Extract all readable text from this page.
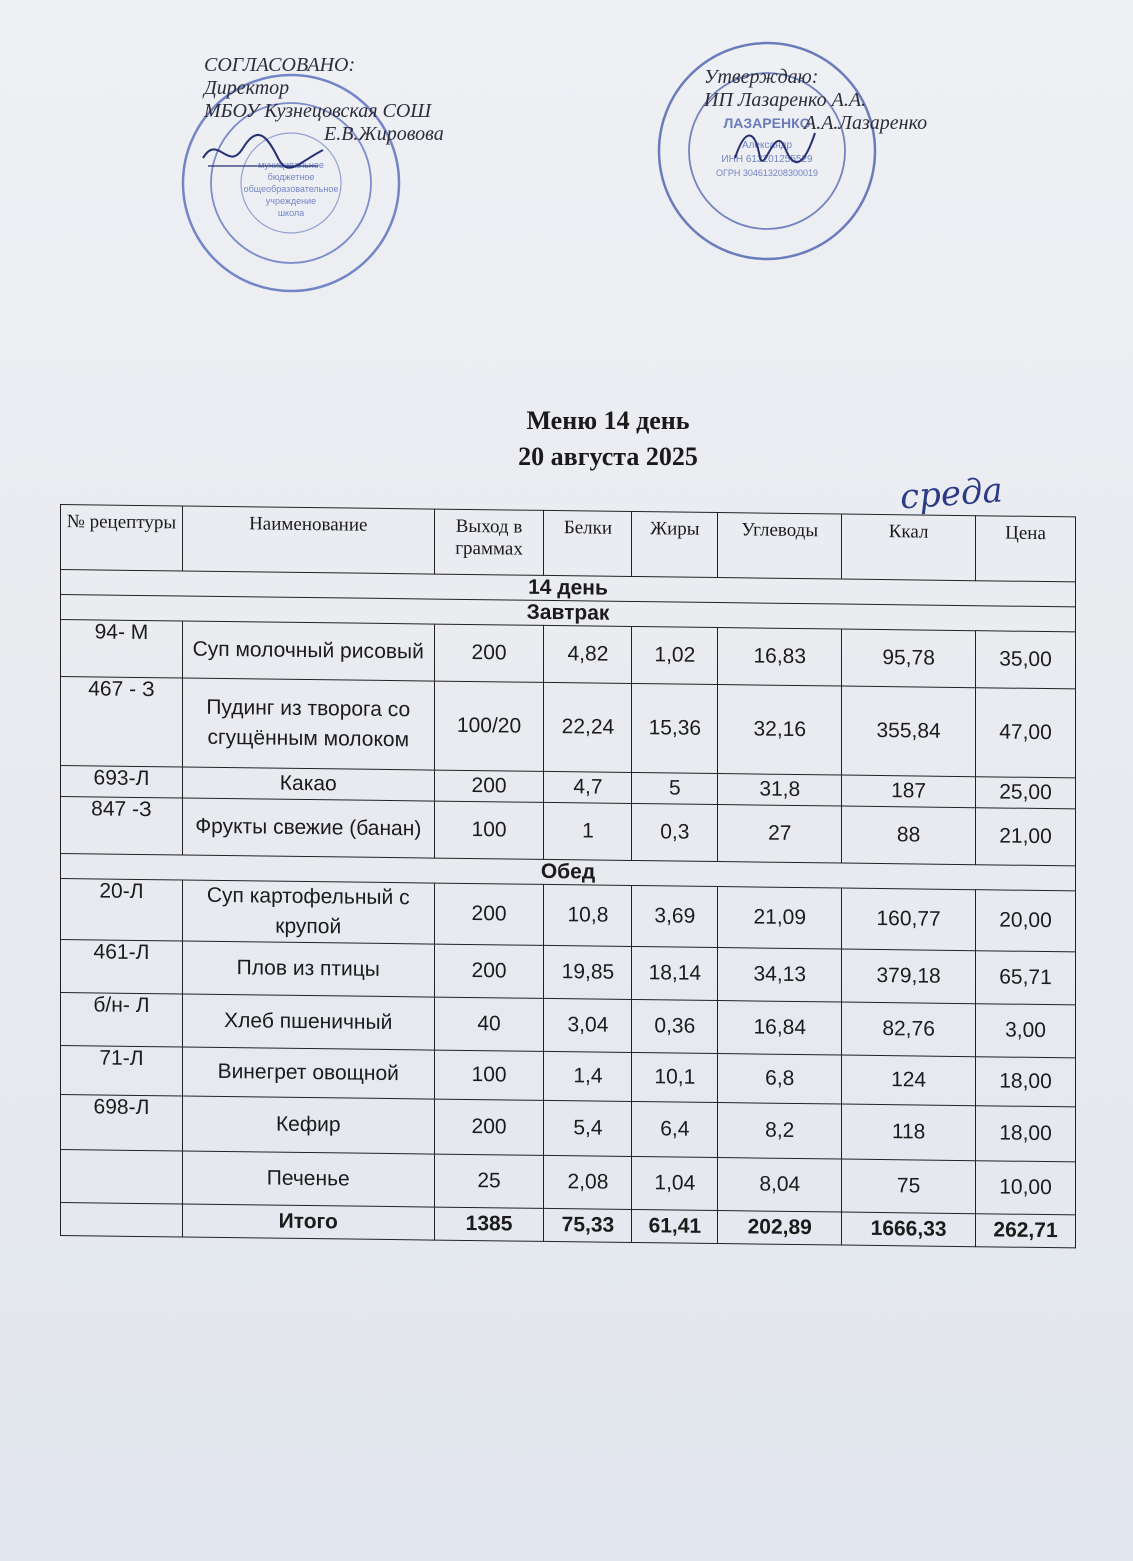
муниципальное
бюджетное
общеобразовательное
учреждение
школа
ЛАЗАРЕНКО
Александр
ИНН 613201255529
ОГРН 304613208300019
СОГЛАСОВАНО:
Директор
МБОУ Кузнецовская СОШ
Е.В.Жировова
Утверждаю:
ИП Лазаренко А.А.
А.А.Лазаренко
Меню 14 день
20 августа 2025
среда
№ рецептуры	Наименование	Выход в граммах	Белки	Жиры	Углеводы	Ккал	Цена
14 день							
Завтрак							
94- М	Суп молочный рисовый	200	4,82	1,02	16,83	95,78	35,00
467 - З	Пудинг из творога со сгущённым молоком	100/20	22,24	15,36	32,16	355,84	47,00
693-Л	Какао	200	4,7	5	31,8	187	25,00
847 -З	Фрукты свежие (банан)	100	1	0,3	27	88	21,00
Обед							
20-Л	Суп картофельный с крупой	200	10,8	3,69	21,09	160,77	20,00
461-Л	Плов из птицы	200	19,85	18,14	34,13	379,18	65,71
б/н- Л	Хлеб пшеничный	40	3,04	0,36	16,84	82,76	3,00
71-Л	Винегрет овощной	100	1,4	10,1	6,8	124	18,00
698-Л	Кефир	200	5,4	6,4	8,2	118	18,00
	Печенье	25	2,08	1,04	8,04	75	10,00
	Итого	1385	75,33	61,41	202,89	1666,33	262,71
